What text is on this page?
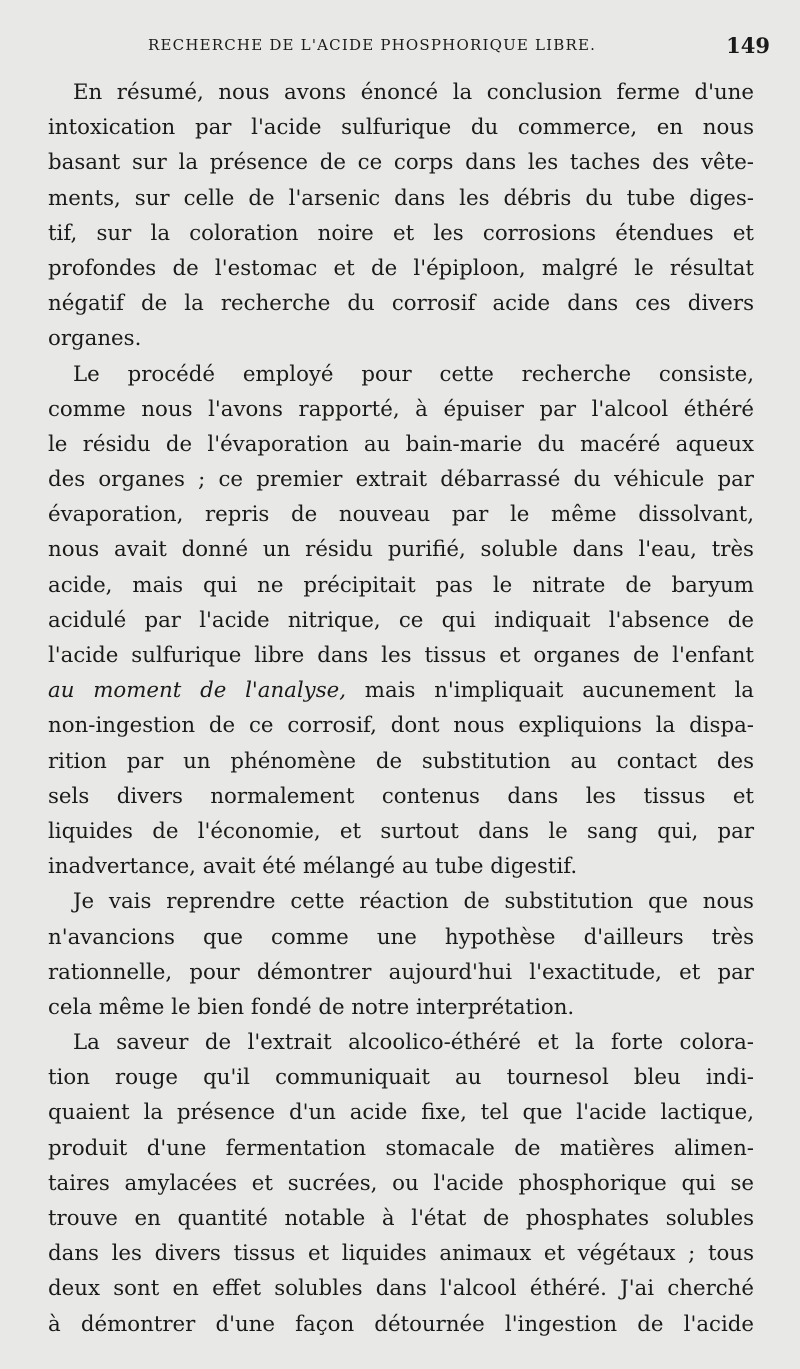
RECHERCHE DE L'ACIDE PHOSPHORIQUE LIBRE.	149
En résumé, nous avons énoncé la conclusion ferme d'une
intoxication par l'acide sulfurique du commerce, en nous
basant sur la présence de ce corps dans les taches des vête-
ments, sur celle de l'arsenic dans les débris du tube diges-
tif, sur la coloration noire et les corrosions étendues et
profondes de l'estomac et de l'épiploon, malgré le résultat
négatif de la recherche du corrosif acide dans ces divers
organes.
Le procédé employé pour cette recherche consiste,
comme nous l'avons rapporté, à épuiser par l'alcool éthéré
le résidu de l'évaporation au bain-marie du macéré aqueux
des organes ; ce premier extrait débarrassé du véhicule par
évaporation, repris de nouveau par le même dissolvant,
nous avait donné un résidu purifié, soluble dans l'eau, très
acide, mais qui ne précipitait pas le nitrate de baryum
acidulé par l'acide nitrique, ce qui indiquait l'absence de
l'acide sulfurique libre dans les tissus et organes de l'enfant
au moment de l'analyse, mais n'impliquait aucunement la
non-ingestion de ce corrosif, dont nous expliquions la dispa-
rition par un phénomène de substitution au contact des
sels divers normalement contenus dans les tissus et
liquides de l'économie, et surtout dans le sang qui, par
inadvertance, avait été mélangé au tube digestif.
Je vais reprendre cette réaction de substitution que nous
n'avancions que comme une hypothèse d'ailleurs très
rationnelle, pour démontrer aujourd'hui l'exactitude, et par
cela même le bien fondé de notre interprétation.
La saveur de l'extrait alcoolico-éthéré et la forte colora-
tion rouge qu'il communiquait au tournesol bleu indi-
quaient la présence d'un acide fixe, tel que l'acide lactique,
produit d'une fermentation stomacale de matières alimen-
taires amylacées et sucrées, ou l'acide phosphorique qui se
trouve en quantité notable à l'état de phosphates solubles
dans les divers tissus et liquides animaux et végétaux ; tous
deux sont en effet solubles dans l'alcool éthéré. J'ai cherché
à démontrer d'une façon détournée l'ingestion de l'acide
